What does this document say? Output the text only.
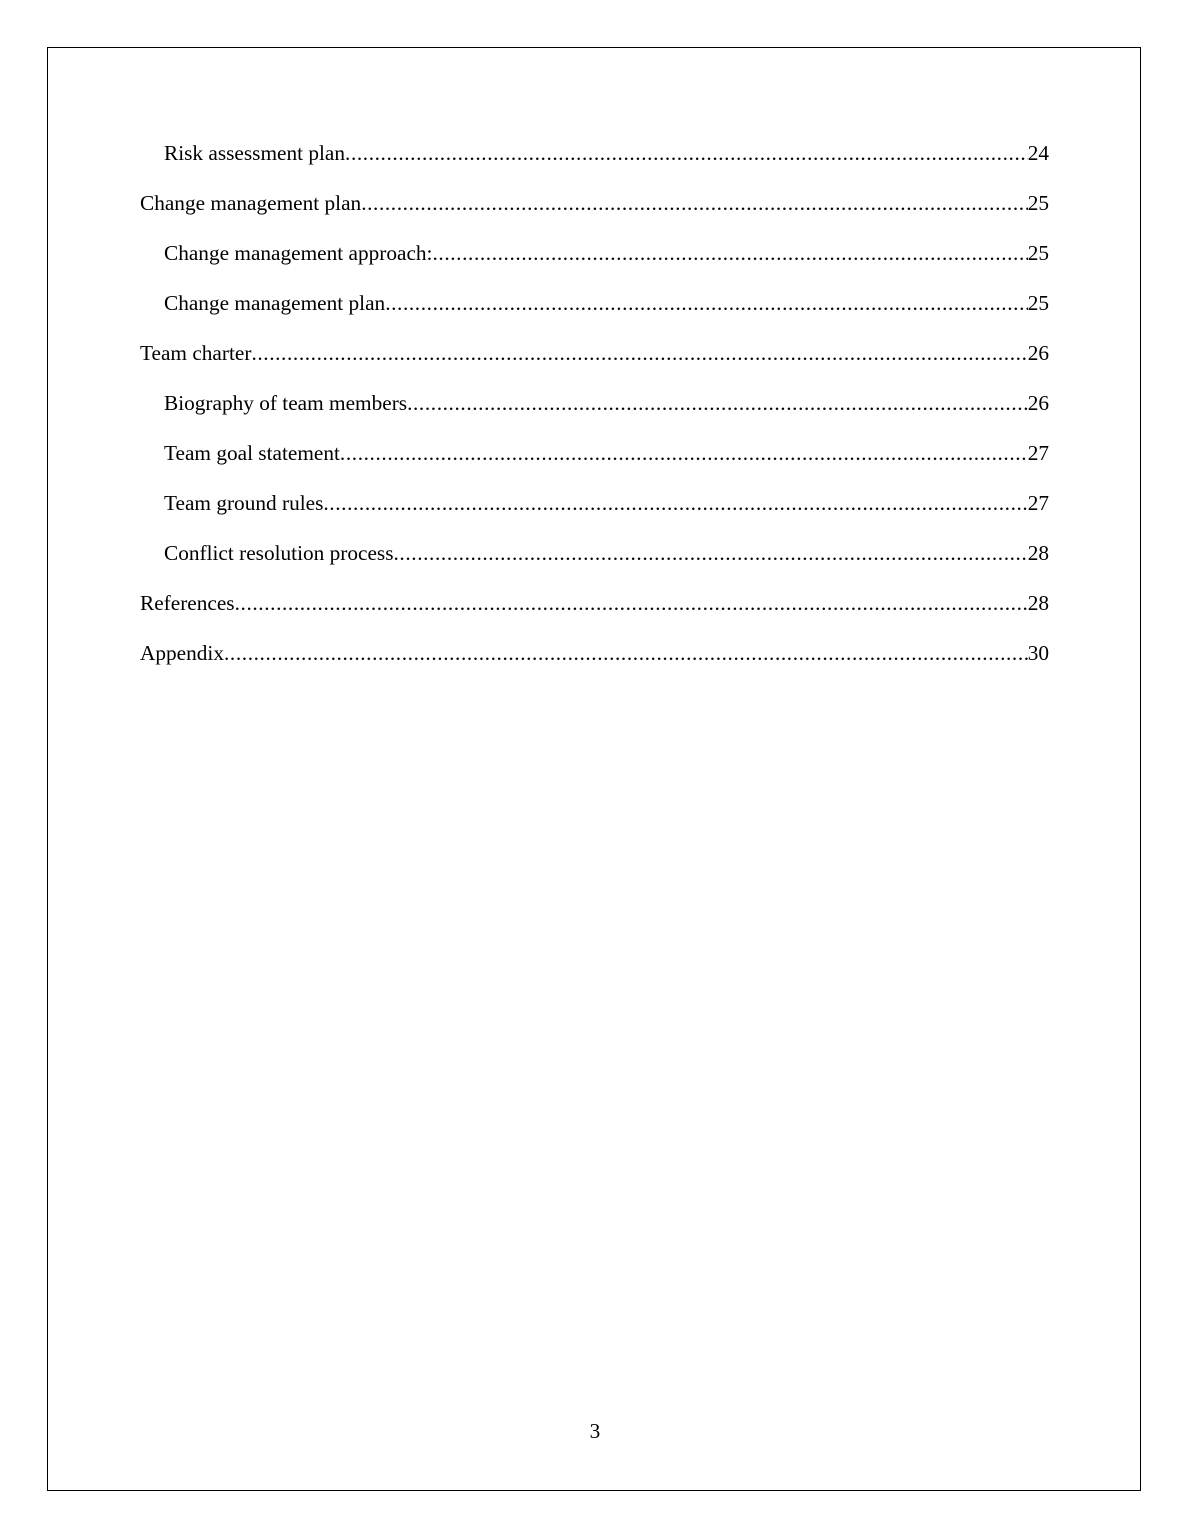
Risk assessment plan .....	24
Change management plan .....	25
Change management approach: .....	25
Change management plan .....	25
Team charter .....	26
Biography of team members .....	26
Team goal statement .....	27
Team ground rules .....	27
Conflict resolution process .....	28
References .....	28
Appendix .....	30
3
